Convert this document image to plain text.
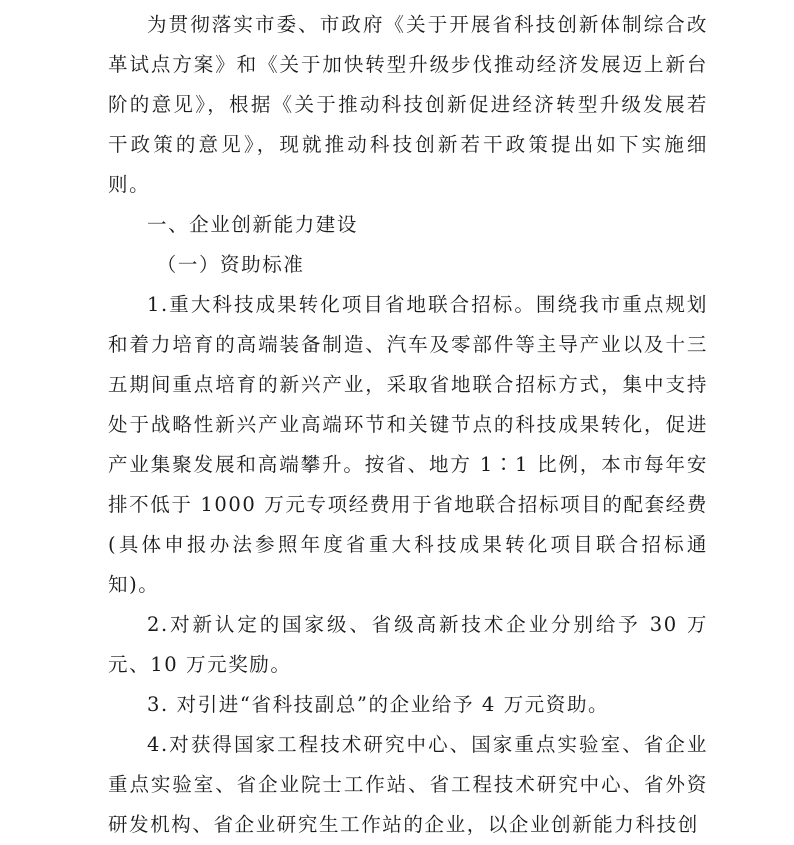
为贯彻落实市委、市政府《关于开展省科技创新体制综合改革试点方案》和《关于加快转型升级步伐推动经济发展迈上新台阶的意见》，根据《关于推动科技创新促进经济转型升级发展若干政策的意见》，现就推动科技创新若干政策提出如下实施细则。

一、企业创新能力建设

（一）资助标准

1.重大科技成果转化项目省地联合招标。围绕我市重点规划和着力培育的高端装备制造、汽车及零部件等主导产业以及十三五期间重点培育的新兴产业，采取省地联合招标方式，集中支持处于战略性新兴产业高端环节和关键节点的科技成果转化，促进产业集聚发展和高端攀升。按省、地方 1∶1 比例，本市每年安排不低于 1000 万元专项经费用于省地联合招标项目的配套经费(具体申报办法参照年度省重大科技成果转化项目联合招标通知)。

2.对新认定的国家级、省级高新技术企业分别给予 30 万元、10 万元奖励。

3. 对引进“省科技副总”的企业给予 4 万元资助。

4.对获得国家工程技术研究中心、国家重点实验室、省企业重点实验室、省企业院士工作站、省工程技术研究中心、省外资研发机构、省企业研究生工作站的企业，以企业创新能力科技创
